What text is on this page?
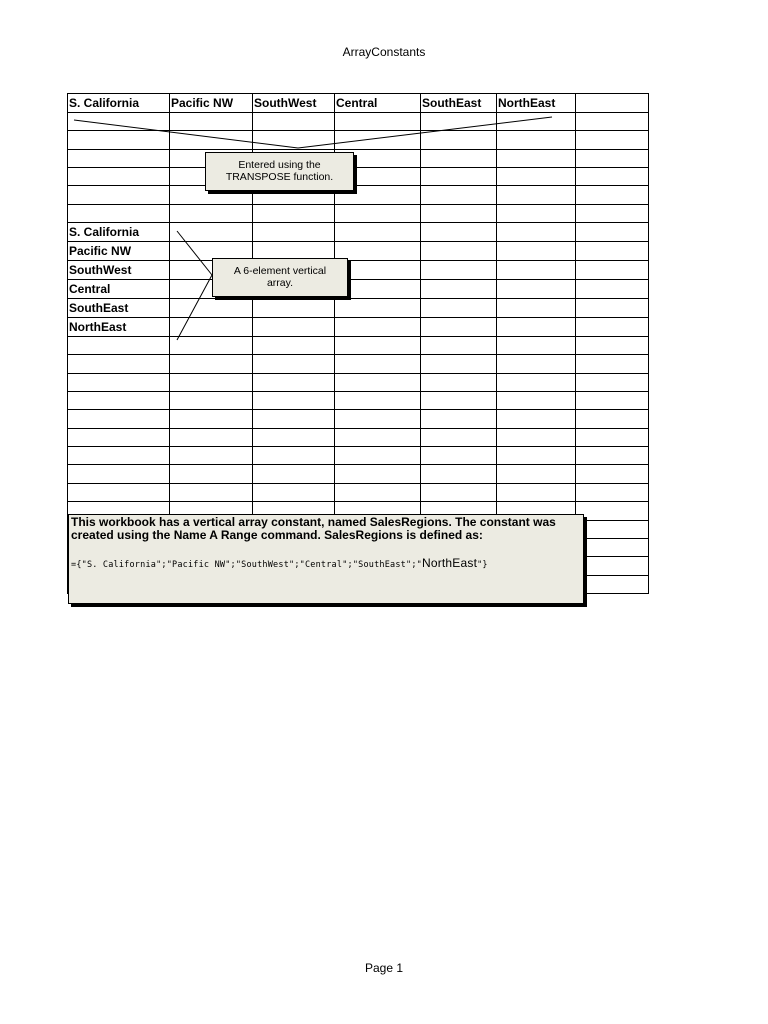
ArrayConstants
S. California	Pacific NW	SouthWest	Central	SouthEast	NorthEast	

S. California						
Pacific NW						
SouthWest						
Central						
SouthEast						
NorthEast						

Entered using the
TRANSPOSE function.
A 6-element vertical
array.
This workbook has a vertical array constant, named SalesRegions. The constant was created using the Name A Range command. SalesRegions is defined as:
={"S. California";"Pacific NW";"SouthWest";"Central";"SouthEast";"NorthEast"}
Page 1
